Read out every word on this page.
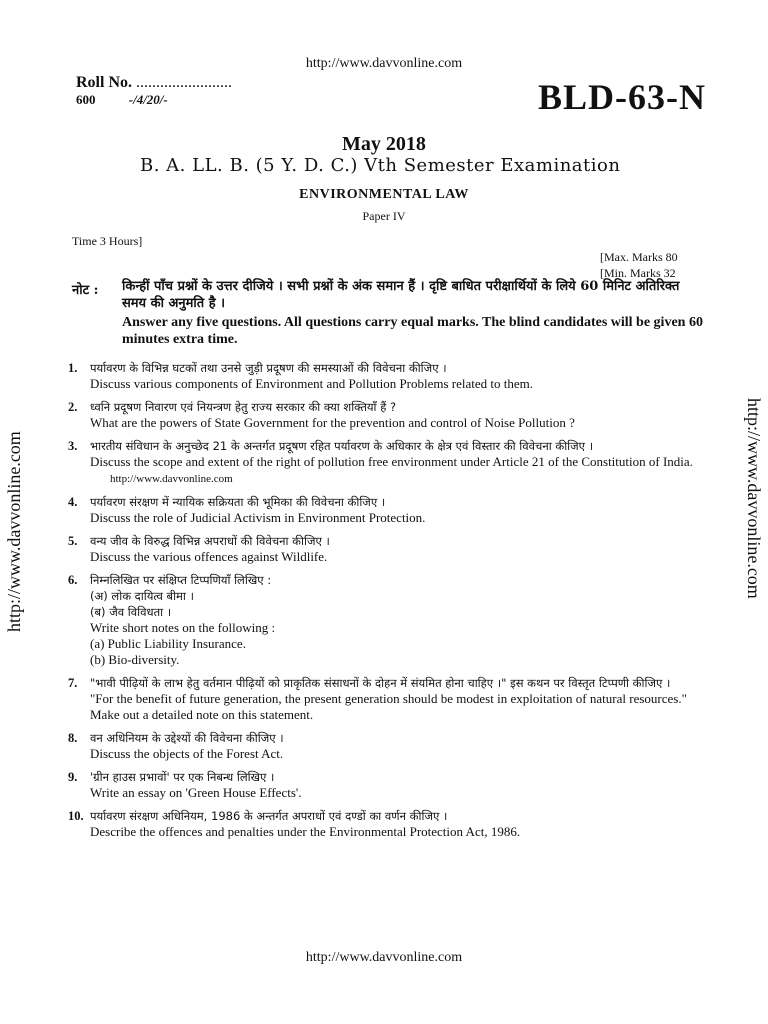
http://www.davvonline.com
http://www.davvonline.com	http://www.davvonline.com
Roll No. ........................
600	-/4/20/-	BLD-63-N
May 2018
B. A. LL. B. (5 Y. D. C.) Vth Semester Examination
ENVIRONMENTAL LAW
Paper IV
Time 3 Hours]
[Max. Marks 80
[Min. Marks 32
नोट : किन्हीं पाँच प्रश्नों के उत्तर दीजिये । सभी प्रश्नों के अंक समान हैं । दृष्टि बाधित परीक्षार्थियों के लिये 60 मिनिट अतिरिक्त समय की अनुमति है ।
Answer any five questions. All questions carry equal marks. The blind candidates will be given 60 minutes extra time.
1.	पर्यावरण के विभिन्न घटकों तथा उनसे जुड़ी प्रदूषण की समस्याओं की विवेचना कीजिए ।
Discuss various components of Environment and Pollution Problems related to them.
2.	ध्वनि प्रदूषण निवारण एवं नियन्त्रण हेतु राज्य सरकार की क्या शक्तियाँ हैं ?
What are the powers of State Government for the prevention and control of Noise Pollution ?
3.	भारतीय संविधान के अनुच्छेद 21 के अन्तर्गत प्रदूषण रहित पर्यावरण के अधिकार के क्षेत्र एवं विस्तार की विवेचना कीजिए ।
Discuss the scope and extent of the right of pollution free environment under Article 21 of the Constitution of India. http://www.davvonline.com
4.	पर्यावरण संरक्षण में न्यायिक सक्रियता की भूमिका की विवेचना कीजिए ।
Discuss the role of Judicial Activism in Environment Protection.
5.	वन्य जीव के विरुद्ध विभिन्न अपराधों की विवेचना कीजिए ।
Discuss the various offences against Wildlife.
6.	निम्नलिखित पर संक्षिप्त टिप्पणियाँ लिखिए :
(अ) लोक दायित्व बीमा ।
(ब) जैव विविधता ।
Write short notes on the following :
(a) Public Liability Insurance.
(b) Bio-diversity.
7.	"भावी पीढ़ियों के लाभ हेतु वर्तमान पीढ़ियों को प्राकृतिक संसाधनों के दोहन में संयमित होना चाहिए ।" इस कथन पर विस्तृत टिप्पणी कीजिए ।
"For the benefit of future generation, the present generation should be modest in exploitation of natural resources." Make out a detailed note on this statement.
8.	वन अधिनियम के उद्देश्यों की विवेचना कीजिए ।
Discuss the objects of the Forest Act.
9.	'ग्रीन हाउस प्रभावों' पर एक निबन्ध लिखिए ।
Write an essay on 'Green House Effects'.
10. पर्यावरण संरक्षण अधिनियम, 1986 के अन्तर्गत अपराधों एवं दण्डों का वर्णन कीजिए ।
Describe the offences and penalties under the Environmental Protection Act, 1986.
http://www.davvonline.com
